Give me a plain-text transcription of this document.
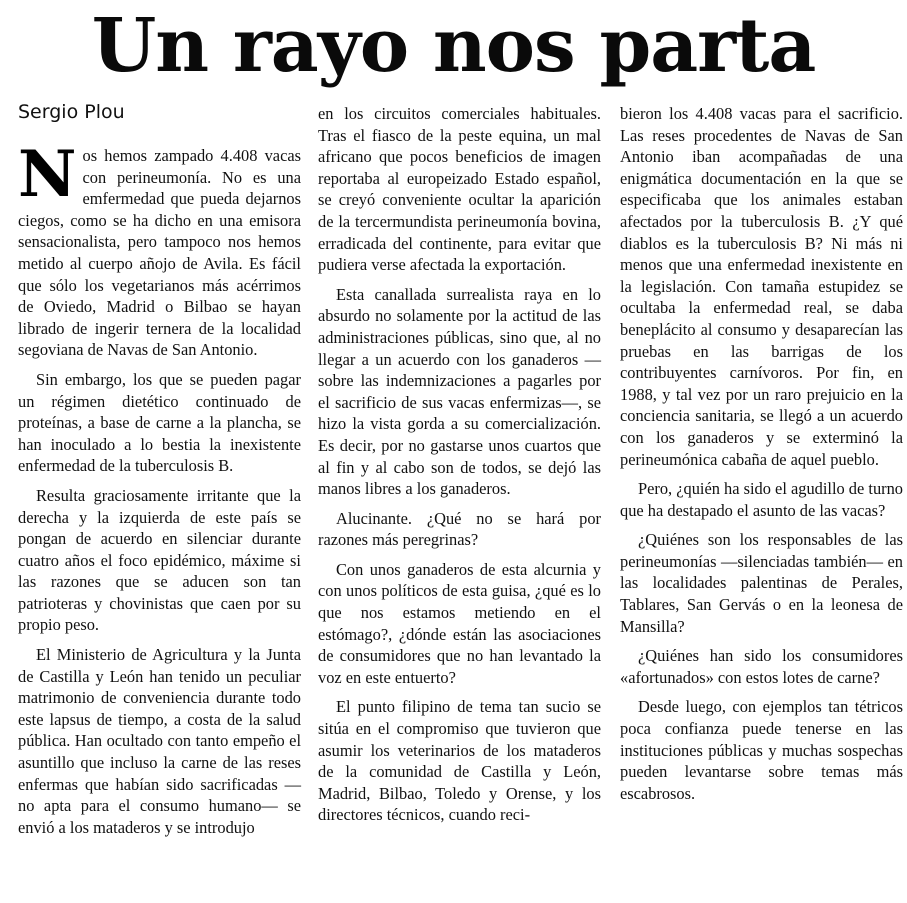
Un rayo nos parta
Sergio Plou
N os hemos zampado 4.408 vacas con perineumonía. No es una emfermedad que pueda dejarnos ciegos, como se ha dicho en una emisora sensacionalista, pero tampoco nos hemos metido al cuerpo añojo de Avila. Es fácil que sólo los vegetarianos más acérrimos de Oviedo, Madrid o Bilbao se hayan librado de ingerir ternera de la localidad segoviana de Navas de San Antonio.

Sin embargo, los que se pueden pagar un régimen dietético continuado de proteínas, a base de carne a la plancha, se han inoculado a lo bestia la inexistente enfermedad de la tuberculosis B.

Resulta graciosamente irritante que la derecha y la izquierda de este país se pongan de acuerdo en silenciar durante cuatro años el foco epidémico, máxime si las razones que se aducen son tan patrioteras y chovinistas que caen por su propio peso.

El Ministerio de Agricultura y la Junta de Castilla y León han tenido un peculiar matrimonio de conveniencia durante todo este lapsus de tiempo, a costa de la salud pública. Han ocultado con tanto empeño el asuntillo que incluso la carne de las reses enfermas que habían sido sacrificadas —no apta para el consumo humano— se envió a los mataderos y se introdujo

en los circuitos comerciales habituales. Tras el fiasco de la peste equina, un mal africano que pocos beneficios de imagen reportaba al europeizado Estado español, se creyó conveniente ocultar la aparición de la tercermundista perineumonía bovina, erradicada del continente, para evitar que pudiera verse afectada la exportación.

Esta canallada surrealista raya en lo absurdo no solamente por la actitud de las administraciones públicas, sino que, al no llegar a un acuerdo con los ganaderos —sobre las indemnizaciones a pagarles por el sacrificio de sus vacas enfermizas—, se hizo la vista gorda a su comercialización. Es decir, por no gastarse unos cuartos que al fin y al cabo son de todos, se dejó las manos libres a los ganaderos.

Alucinante. ¿Qué no se hará por razones más peregrinas?

Con unos ganaderos de esta alcurnia y con unos políticos de esta guisa, ¿qué es lo que nos estamos metiendo en el estómago?, ¿dónde están las asociaciones de consumidores que no han levantado la voz en este entuerto?

El punto filipino de tema tan sucio se sitúa en el compromiso que tuvieron que asumir los veterinarios de los mataderos de la comunidad de Castilla y León, Madrid, Bilbao, Toledo y Orense, y los directores técnicos, cuando reci-

bieron los 4.408 vacas para el sacrificio. Las reses procedentes de Navas de San Antonio iban acompañadas de una enigmática documentación en la que se especificaba que los animales estaban afectados por la tuberculosis B. ¿Y qué diablos es la tuberculosis B? Ni más ni menos que una enfermedad inexistente en la legislación. Con tamaña estupidez se ocultaba la enfermedad real, se daba beneplácito al consumo y desaparecían las pruebas en las barrigas de los contribuyentes carnívoros. Por fin, en 1988, y tal vez por un raro prejuicio en la conciencia sanitaria, se llegó a un acuerdo con los ganaderos y se exterminó la perineumónica cabaña de aquel pueblo.

Pero, ¿quién ha sido el agudillo de turno que ha destapado el asunto de las vacas?

¿Quiénes son los responsables de las perineumonías —silenciadas también— en las localidades palentinas de Perales, Tablares, San Gervás o en la leonesa de Mansilla?

¿Quiénes han sido los consumidores «afortunados» con estos lotes de carne?

Desde luego, con ejemplos tan tétricos poca confianza puede tenerse en las instituciones públicas y muchas sospechas pueden levantarse sobre temas más escabrosos.
